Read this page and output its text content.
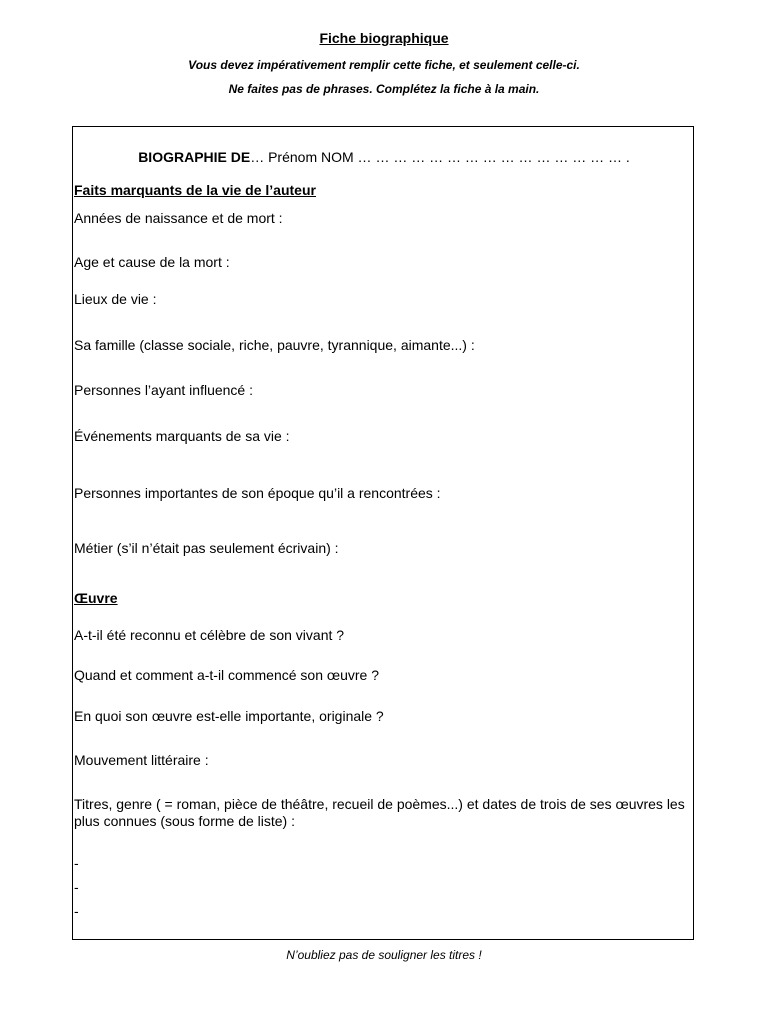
Fiche biographique
Vous devez impérativement remplir cette fiche, et seulement celle-ci.
Ne faites pas de phrases. Complétez la fiche à la main.
BIOGRAPHIE DE… Prénom NOM … … … … … … … … … … … … … … … .
Faits marquants de la vie de l’auteur
Années de naissance et de mort :
Age et cause de la mort :
Lieux de vie :
Sa famille (classe sociale, riche, pauvre, tyrannique, aimante...) :
Personnes l’ayant influencé :
Événements marquants de sa vie :
Personnes importantes de son époque qu’il a rencontrées :
Métier (s’il n’était pas seulement écrivain) :
Œuvre
A-t-il été reconnu et célèbre de son vivant ?
Quand et comment a-t-il commencé son œuvre ?
En quoi son œuvre est-elle importante, originale ?
Mouvement littéraire :
Titres, genre ( = roman, pièce de théâtre, recueil de poèmes...) et dates de trois de ses œuvres les plus connues (sous forme de liste) :
-
-
-
N’oubliez pas de souligner les titres !
